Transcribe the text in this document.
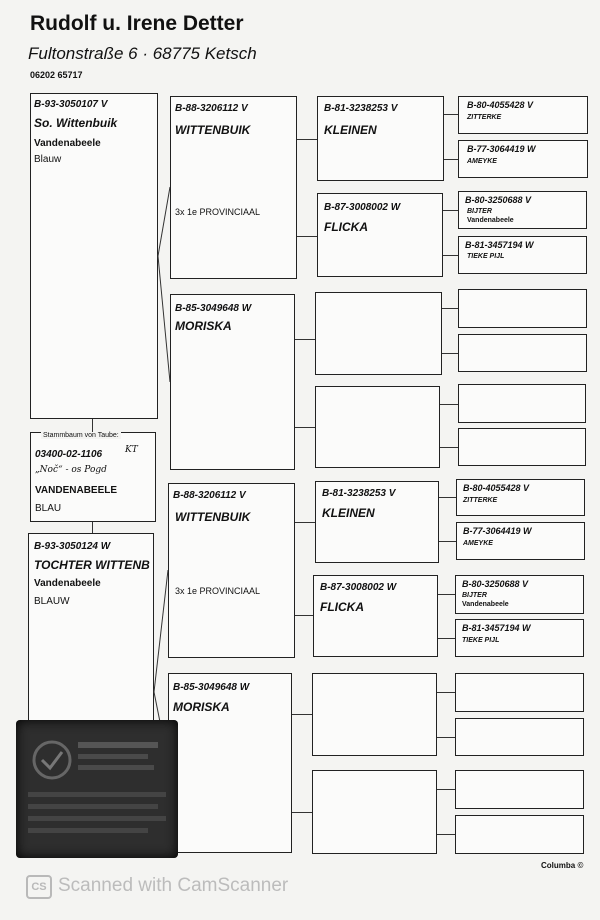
Rudolf u. Irene Detter
Fultonstraße 6 · 68775 Ketsch
06202 65717
B-93-3050107 V
So. Wittenbuik
Vandenabeele
Blauw
Stammbaum von Taube:
03400-02-1106	KT
„Noč“ - os Pogd
VANDENABEELE
BLAU
B-93-3050124 W
TOCHTER WITTENB
Vandenabeele
BLAUW
B-88-3206112 V
WITTENBUIK
3x 1e PROVINCIAAL
B-85-3049648 W
MORISKA
B-88-3206112 V
WITTENBUIK
3x 1e PROVINCIAAL
B-85-3049648 W
MORISKA
B-81-3238253 V
KLEINEN
B-87-3008002 W
FLICKA
B-81-3238253 V
KLEINEN
B-87-3008002 W
FLICKA
B-80-4055428 V
ZITTERKE
B-77-3064419 W
AMEYKE
B-80-3250688 V
BIJTER
Vandenabeele
B-81-3457194 W
TIEKE PIJL
B-80-4055428 V
ZITTERKE
B-77-3064419 W
AMEYKE
B-80-3250688 V
BIJTER
Vandenabeele
B-81-3457194 W
TIEKE PIJL
Columba ©
CS Scanned with CamScanner
